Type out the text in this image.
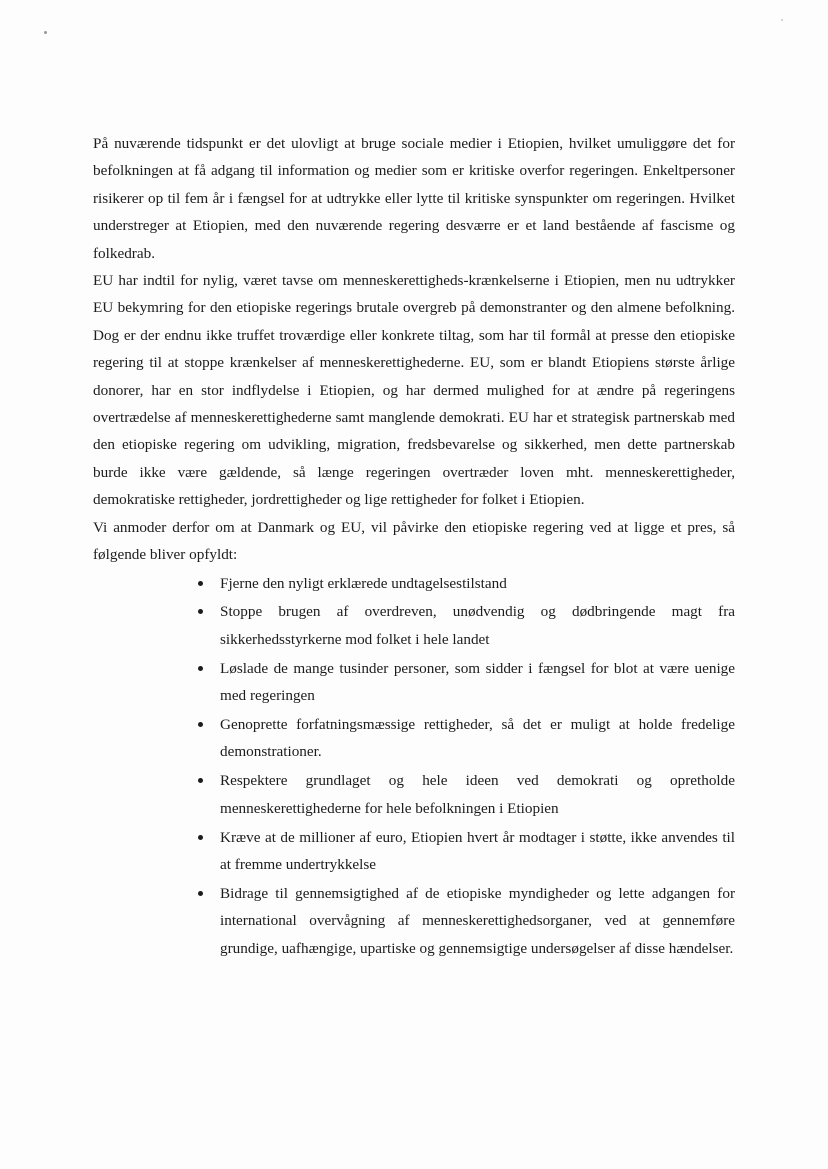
På nuværende tidspunkt er det ulovligt at bruge sociale medier i Etiopien, hvilket umuliggøre det for befolkningen at få adgang til information og medier som er kritiske overfor regeringen. Enkeltpersoner risikerer op til fem år i fængsel for at udtrykke eller lytte til kritiske synspunkter om regeringen. Hvilket understreger at Etiopien, med den nuværende regering desværre er et land bestående af fascisme og folkedrab.

EU har indtil for nylig, været tavse om menneskerettigheds-krænkelserne i Etiopien, men nu udtrykker EU bekymring for den etiopiske regerings brutale overgreb på demonstranter og den almene befolkning. Dog er der endnu ikke truffet troværdige eller konkrete tiltag, som har til formål at presse den etiopiske regering til at stoppe krænkelser af menneskerettighederne. EU, som er blandt Etiopiens største årlige donorer, har en stor indflydelse i Etiopien, og har dermed mulighed for at ændre på regeringens overtrædelse af menneskerettighederne samt manglende demokrati. EU har et strategisk partnerskab med den etiopiske regering om udvikling, migration, fredsbevarelse og sikkerhed, men dette partnerskab burde ikke være gældende, så længe regeringen overtræder loven mht. menneskerettigheder, demokratiske rettigheder, jordrettigheder og lige rettigheder for folket i Etiopien.

Vi anmoder derfor om at Danmark og EU, vil påvirke den etiopiske regering ved at ligge et pres, så følgende bliver opfyldt:

Fjerne den nyligt erklærede undtagelsestilstand
Stoppe brugen af overdreven, unødvendig og dødbringende magt fra sikkerhedsstyrkerne mod folket i hele landet
Løslade de mange tusinder personer, som sidder i fængsel for blot at være uenige med regeringen
Genoprette forfatningsmæssige rettigheder, så det er muligt at holde fredelige demonstrationer.
Respektere grundlaget og hele ideen ved demokrati og opretholde menneskerettighederne for hele befolkningen i Etiopien
Kræve at de millioner af euro, Etiopien hvert år modtager i støtte, ikke anvendes til at fremme undertrykkelse
Bidrage til gennemsigtighed af de etiopiske myndigheder og lette adgangen for international overvågning af menneskerettighedsorganer, ved at gennemføre grundige, uafhængige, upartiske og gennemsigtige undersøgelser af disse hændelser.
